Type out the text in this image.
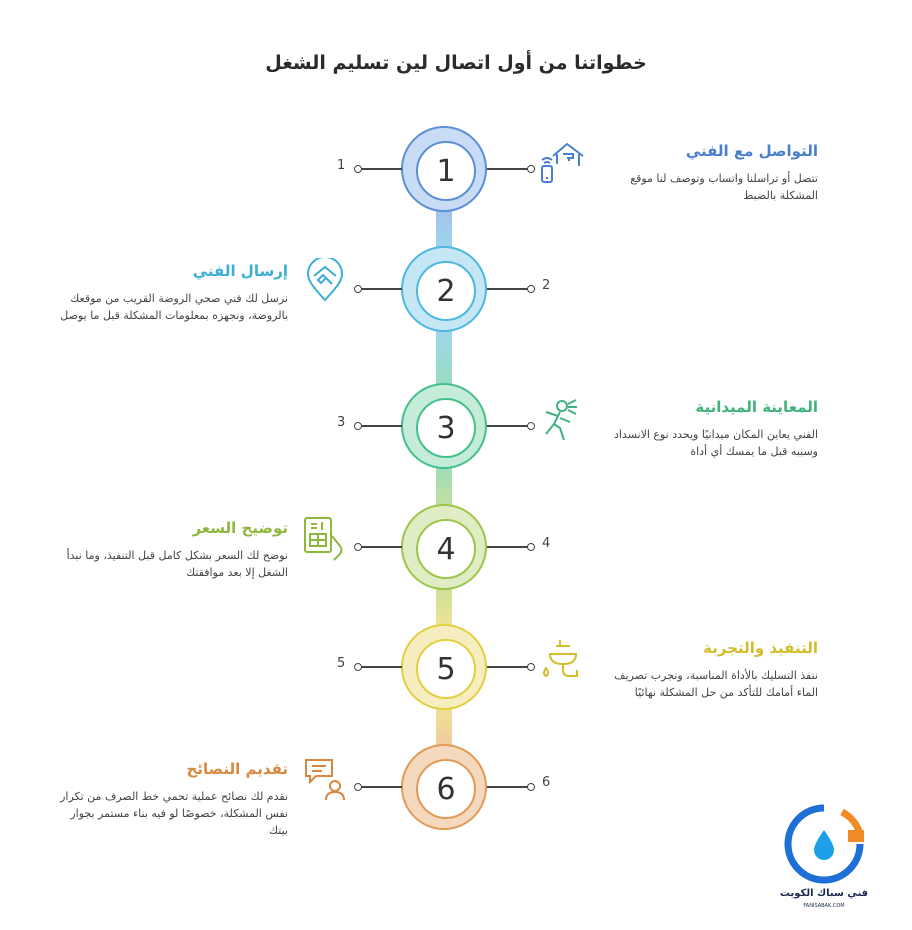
خطواتنا من أول اتصال لين تسليم الشغل
1
1
التواصل مع الفني
تتصل أو تراسلنا واتساب وتوصف لنا موقع المشكلة بالضبط
2	2
إرسال الفني
نرسل لك فني صحي الروضة القريب من موقعك بالروضة، ونجهزه بمعلومات المشكلة قبل ما يوصل
3
3
المعاينة الميدانية
الفني يعاين المكان ميدانيًا ويحدد نوع الانسداد وسببه قبل ما يمسك أي أداة
4	4
توضيح السعر
نوضح لك السعر بشكل كامل قبل التنفيذ، وما نبدأ الشغل إلا بعد موافقتك
5
5
التنفيذ والتجربة
ننفذ التسليك بالأداة المناسبة، ونجرب تصريف الماء أمامك للتأكد من حل المشكلة نهائيًا
6	6
تقديم النصائح
نقدم لك نصائح عملية تحمي خط الصرف من تكرار نفس المشكلة، خصوصًا لو فيه بناء مستمر بجوار بيتك
فني سباك الكويت
FANISABAK.COM
